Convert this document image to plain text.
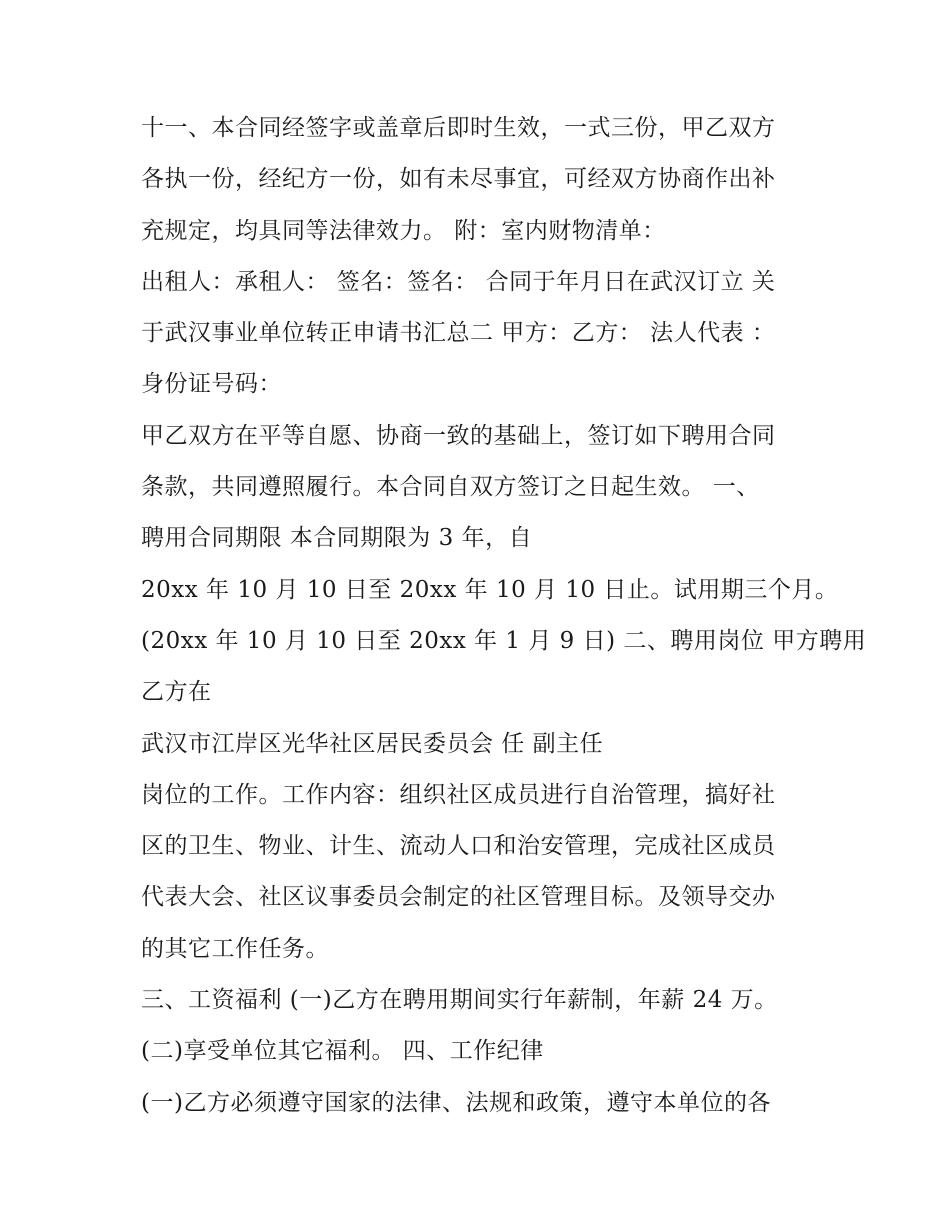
十一、本合同经签字或盖章后即时生效，一式三份，甲乙双方
各执一份，经纪方一份，如有未尽事宜，可经双方协商作出补
充规定，均具同等法律效力。 附：室内财物清单：
出租人：承租人： 签名：签名： 合同于年月日在武汉订立 关
于武汉事业单位转正申请书汇总二 甲方：乙方： 法人代表 ：
身份证号码：
甲乙双方在平等自愿、协商一致的基础上，签订如下聘用合同
条款，共同遵照履行。本合同自双方签订之日起生效。 一、
聘用合同期限 本合同期限为 3 年，自
20xx 年 10 月 10 日至 20xx 年 10 月 10 日止。试用期三个月。
(20xx 年 10 月 10 日至 20xx 年 1 月 9 日) 二、聘用岗位 甲方聘用
乙方在
武汉市江岸区光华社区居民委员会 任 副主任
岗位的工作。工作内容：组织社区成员进行自治管理，搞好社
区的卫生、物业、计生、流动人口和治安管理，完成社区成员
代表大会、社区议事委员会制定的社区管理目标。及领导交办
的其它工作任务。
三、工资福利 (一)乙方在聘用期间实行年薪制，年薪 24 万。
(二)享受单位其它福利。 四、工作纪律
(一)乙方必须遵守国家的法律、法规和政策，遵守本单位的各
